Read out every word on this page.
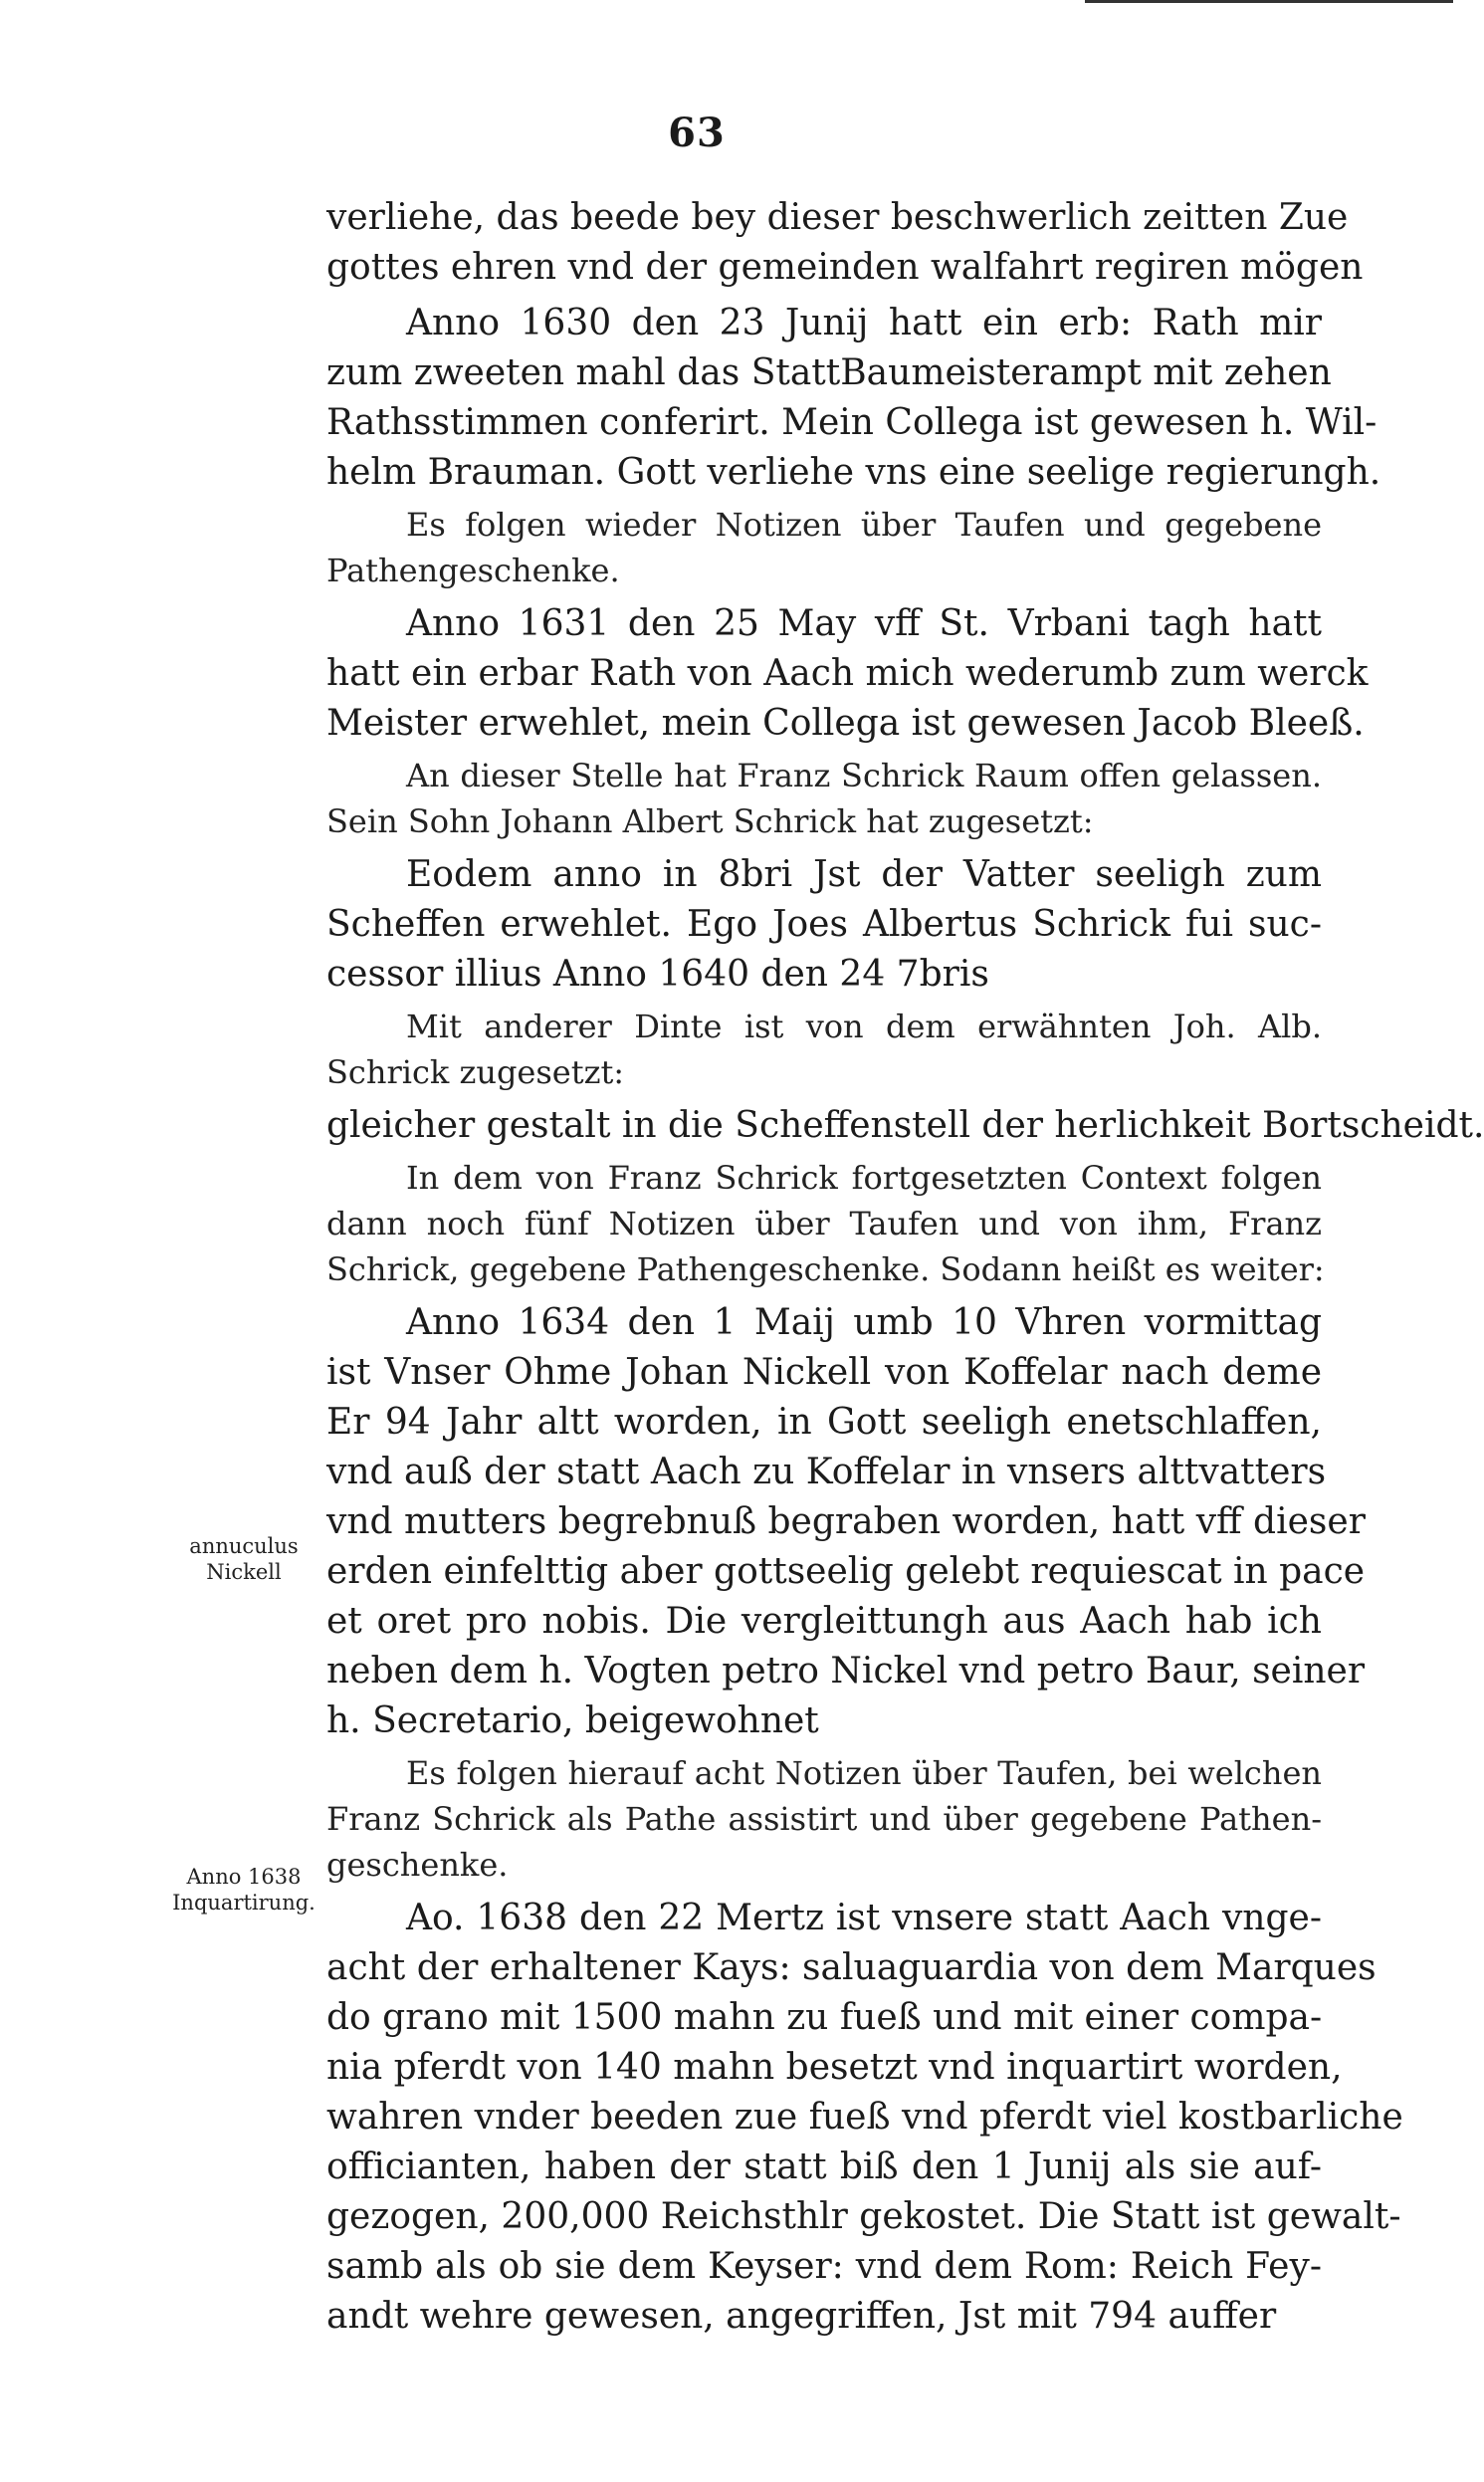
63
annuculus
Nickell
Anno 1638
Inquartirung.
verliehe, das beede bey dieser beschwerlich zeitten Zue
gottes ehren vnd der gemeinden walfahrt regiren mögen
Anno 1630 den 23 Junij hatt ein erb: Rath mir
zum zweeten mahl das StattBaumeisterampt mit zehen
Rathsstimmen conferirt. Mein Collega ist gewesen h. Wil-
helm Brauman. Gott verliehe vns eine seelige regierungh.
Es folgen wieder Notizen über Taufen und gegebene
Pathengeschenke.
Anno 1631 den 25 May vff St. Vrbani tagh hatt
hatt ein erbar Rath von Aach mich wederumb zum werck
Meister erwehlet, mein Collega ist gewesen Jacob Bleeß.
An dieser Stelle hat Franz Schrick Raum offen gelassen.
Sein Sohn Johann Albert Schrick hat zugesetzt:
Eodem anno in 8bri Jst der Vatter seeligh zum
Scheffen erwehlet. Ego Joes Albertus Schrick fui suc-
cessor illius Anno 1640 den 24 7bris
Mit anderer Dinte ist von dem erwähnten Joh. Alb.
Schrick zugesetzt:
gleicher gestalt in die Scheffenstell der herlichkeit Bortscheidt.
In dem von Franz Schrick fortgesetzten Context folgen
dann noch fünf Notizen über Taufen und von ihm, Franz
Schrick, gegebene Pathengeschenke. Sodann heißt es weiter:
Anno 1634 den 1 Maij umb 10 Vhren vormittag
ist Vnser Ohme Johan Nickell von Koffelar nach deme
Er 94 Jahr altt worden, in Gott seeligh enetschlaffen,
vnd auß der statt Aach zu Koffelar in vnsers alttvatters
vnd mutters begrebnuß begraben worden, hatt vff dieser
erden einfelttig aber gottseelig gelebt requiescat in pace
et oret pro nobis. Die vergleittungh aus Aach hab ich
neben dem h. Vogten petro Nickel vnd petro Baur, seiner
h. Secretario, beigewohnet
Es folgen hierauf acht Notizen über Taufen, bei welchen
Franz Schrick als Pathe assistirt und über gegebene Pathen-
geschenke.
Ao. 1638 den 22 Mertz ist vnsere statt Aach vnge-
acht der erhaltener Kays: saluaguardia von dem Marques
do grano mit 1500 mahn zu fueß und mit einer compa-
nia pferdt von 140 mahn besetzt vnd inquartirt worden,
wahren vnder beeden zue fueß vnd pferdt viel kostbarliche
officianten, haben der statt biß den 1 Junij als sie auf-
gezogen, 200,000 Reichsthlr gekostet. Die Statt ist gewalt-
samb als ob sie dem Keyser: vnd dem Rom: Reich Fey-
andt wehre gewesen, angegriffen, Jst mit 794 auffer
